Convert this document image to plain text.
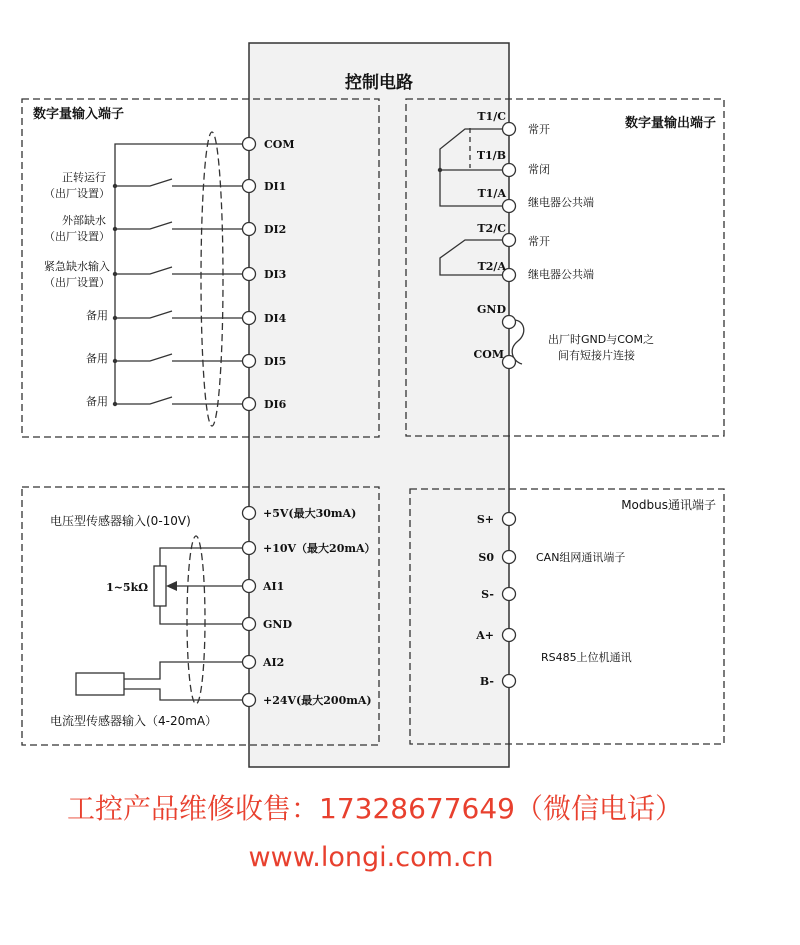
控制电路
数字量输入端子
COM
DI1
DI2
DI3
DI4
DI5
DI6
正转运行
（出厂设置）
外部缺水
（出厂设置）
紧急缺水输入
（出厂设置）
备用
备用
备用
数字量输出端子
T1/C
T1/B
T1/A
T2/C
T2/A
GND
COM
常开
常闭
继电器公共端
常开
继电器公共端
出厂时GND与COM之
间有短接片连接
+5V(最大30mA)
+10V（最大20mA）
AI1
GND
AI2
+24V(最大200mA)
电压型传感器输入(0-10V)
1~5kΩ
电流型传感器输入（4-20mA）
Modbus通讯端子
S+
S0
S-
A+
B-
CAN组网通讯端子
RS485上位机通讯
工控产品维修收售：17328677649（微信电话）
www.longi.com.cn
